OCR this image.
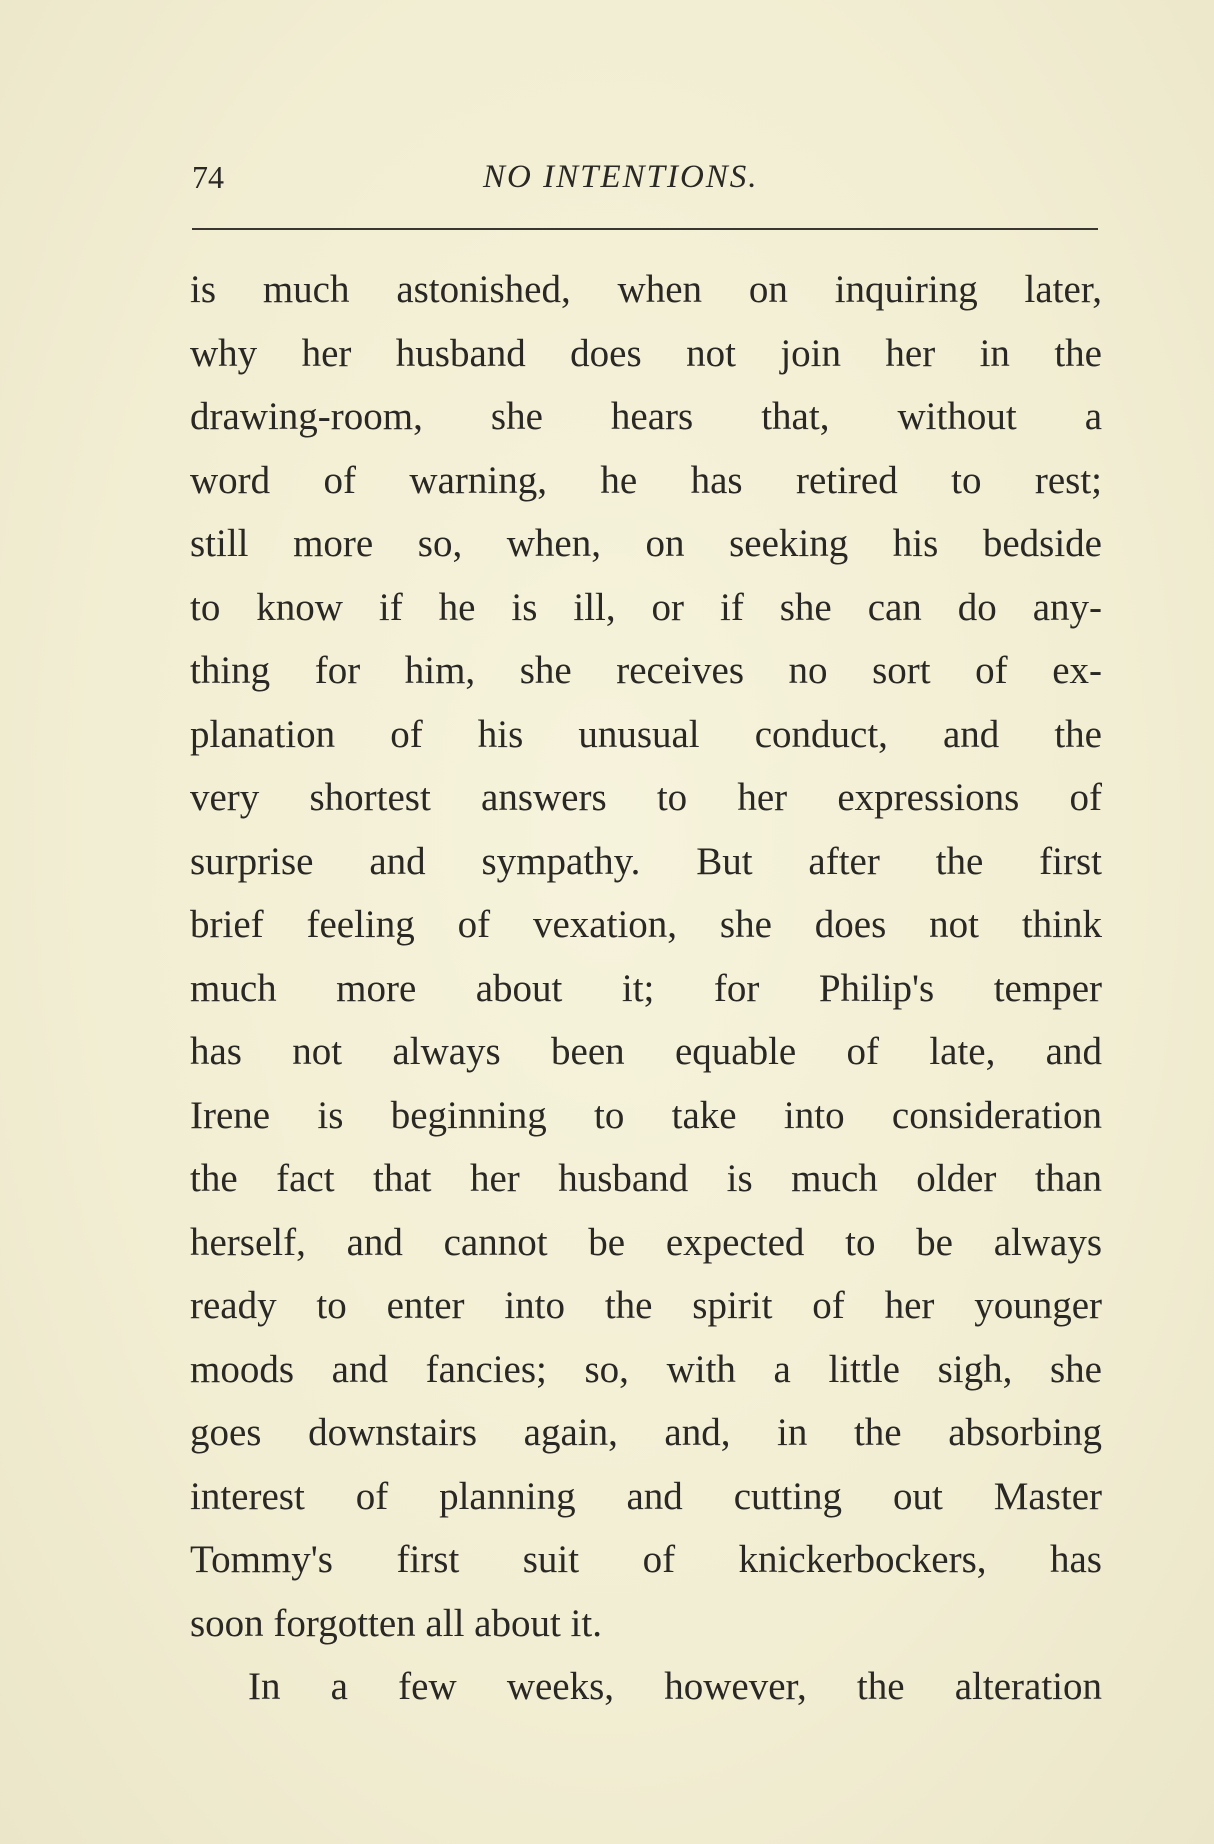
74	NO INTENTIONS.
is much astonished, when on inquiring later,
why her husband does not join her in the
drawing-room, she hears that, without a
word of warning, he has retired to rest;
still more so, when, on seeking his bedside
to know if he is ill, or if she can do any-
thing for him, she receives no sort of ex-
planation of his unusual conduct, and the
very shortest answers to her expressions of
surprise and sympathy. But after the first
brief feeling of vexation, she does not think
much more about it; for Philip's temper
has not always been equable of late, and
Irene is beginning to take into consideration
the fact that her husband is much older than
herself, and cannot be expected to be always
ready to enter into the spirit of her younger
moods and fancies; so, with a little sigh, she
goes downstairs again, and, in the absorbing
interest of planning and cutting out Master
Tommy's first suit of knickerbockers, has
soon forgotten all about it.
In a few weeks, however, the alteration
